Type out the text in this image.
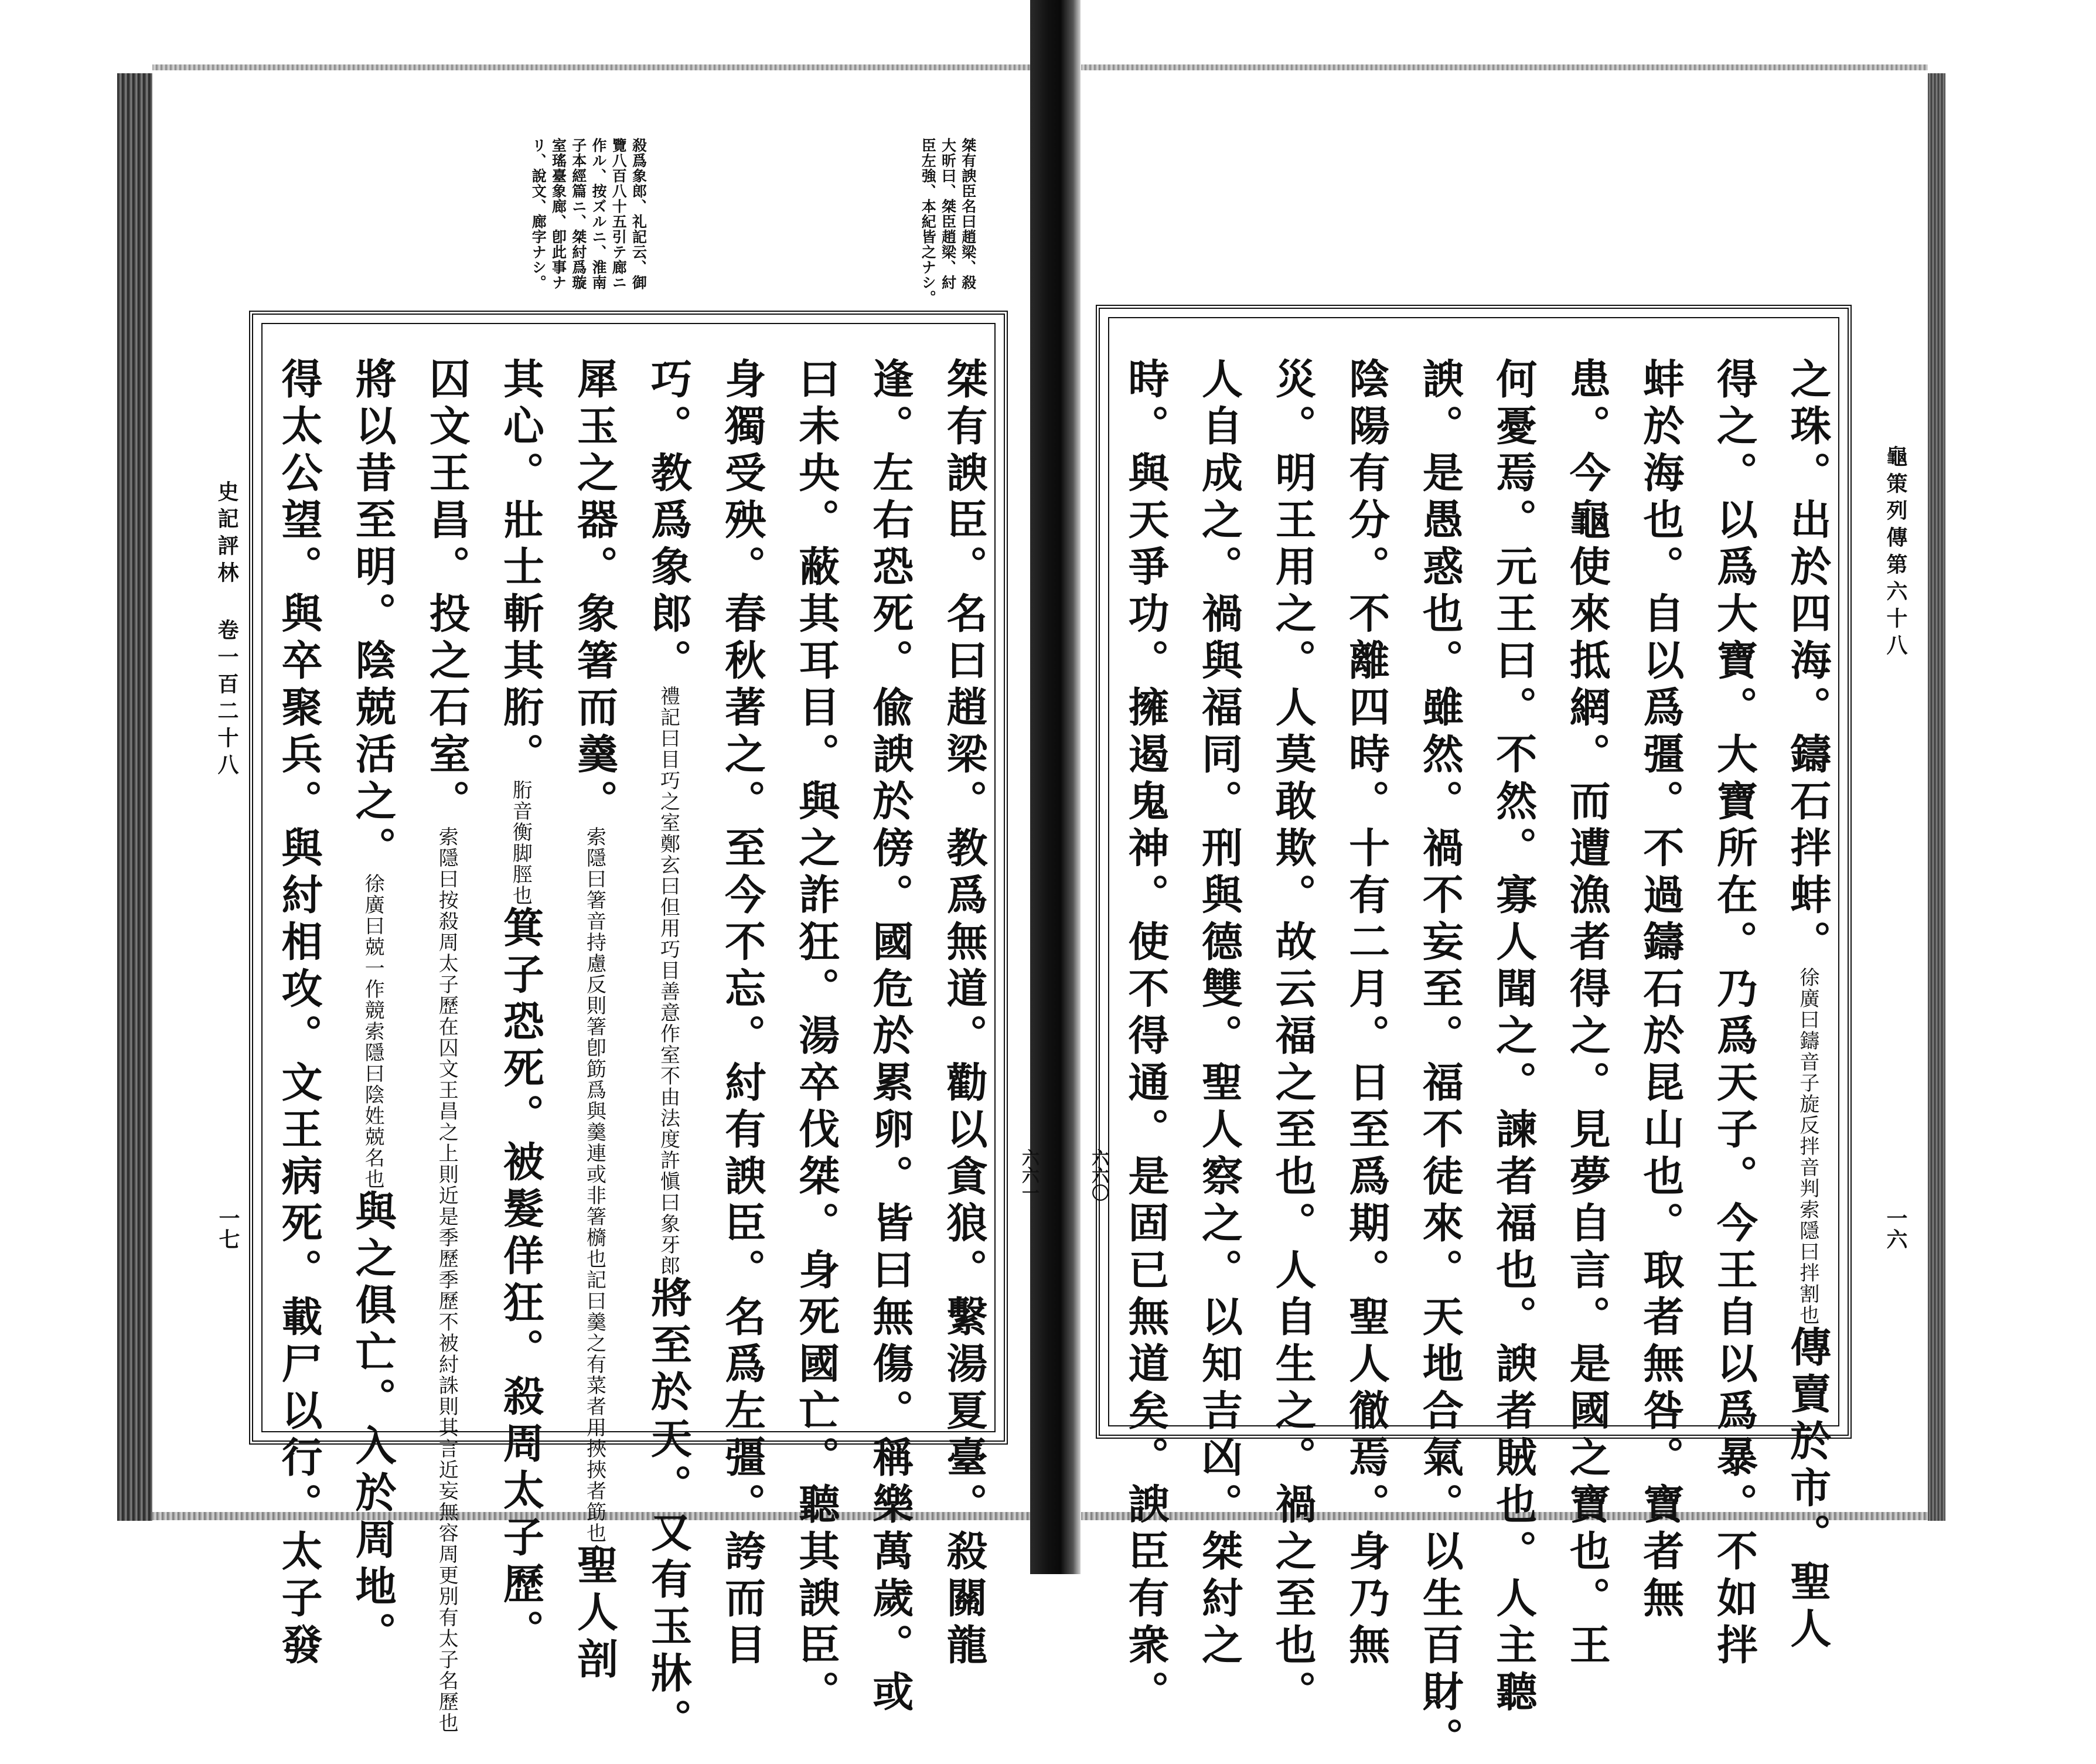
桀有諛臣名曰趙梁、殺
大昕曰、桀臣趙梁、紂
臣左強、本紀皆之ナシ。
殺爲象郎、礼記云、御
覽八百八十五引テ廊ニ
作ル、按ズルニ、淮南
子本經篇ニ、桀紂爲璇
室瑤臺象廊、卽此事ナ
リ、說文、廊字ナシ。
桀有諛臣。名曰趙梁。教爲無道。勸以貪狼。繫湯夏臺。殺關龍
逢。左右恐死。偸諛於傍。國危於累卵。皆曰無傷。稱樂萬歲。或
曰未央。蔽其耳目。與之詐狂。湯卒伐桀。身死國亡。聽其諛臣。
身獨受殃。春秋著之。至今不忘。紂有諛臣。名爲左彊。誇而目
巧。教爲象郎。禮記曰目巧之室鄭玄曰但用巧目善意作室不由法度許愼曰象牙郎將至於天。又有玉牀。
犀玉之器。象箸而羹。索隱曰箸音持慮反則箸卽筯爲與羹連或非箸檹也記曰羹之有菜者用挾挾者筯也聖人剖
其心。壯士斬其胻。胻音衡脚脛也箕子恐死。被髮佯狂。殺周太子歷。
囚文王昌。投之石室。索隱曰按殺周太子歷在囚文王昌之上則近是季歷季歷不被紂誅則其言近妄無容周更別有太子名歷也
將以昔至明。陰兢活之。徐廣曰兢一作競索隱曰陰姓兢名也與之俱亡。入於周地。
得太公望。與卒聚兵。與紂相攻。文王病死。載尸以行。太子發
史記評林 卷一百二十八
一七
六六一
龜策列傳第六十八
一六
六六〇
之珠。出於四海。鑄石拌蚌。徐廣曰鑄音子旋反拌音判索隱曰拌割也傳賣於市。聖人
得之。以爲大寶。大寶所在。乃爲天子。今王自以爲暴。不如拌
蚌於海也。自以爲彊。不過鑄石於昆山也。取者無咎。寶者無
患。今龜使來抵網。而遭漁者得之。見夢自言。是國之寶也。王
何憂焉。元王曰。不然。寡人聞之。諫者福也。諛者賊也。人主聽
諛。是愚惑也。雖然。禍不妄至。福不徒來。天地合氣。以生百財。
陰陽有分。不離四時。十有二月。日至爲期。聖人徹焉。身乃無
災。明王用之。人莫敢欺。故云福之至也。人自生之。禍之至也。
人自成之。禍與福同。刑與德雙。聖人察之。以知吉凶。桀紂之
時。與天爭功。擁遏鬼神。使不得通。是固已無道矣。諛臣有衆。
